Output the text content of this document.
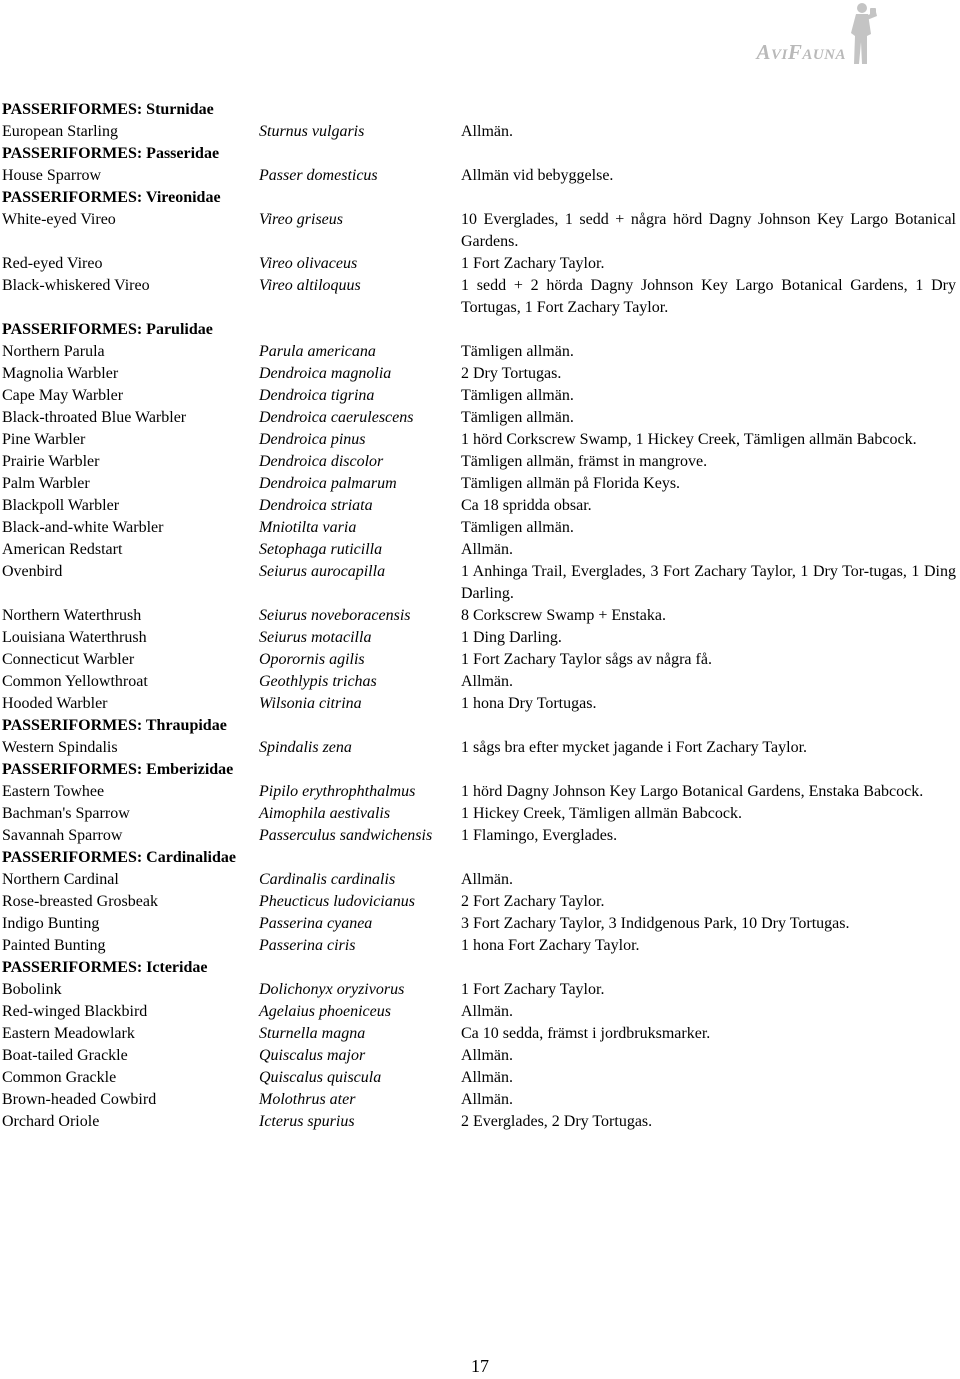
AviFauna
PASSERIFORMES: Sturnidae
European Starling	Sturnus vulgaris	Allmän.
PASSERIFORMES: Passeridae
House Sparrow	Passer domesticus	Allmän vid bebyggelse.
PASSERIFORMES: Vireonidae
White-eyed Vireo	Vireo griseus	10 Everglades, 1 sedd + några hörd Dagny Johnson Key Largo Botanical Gardens.
Red-eyed Vireo	Vireo olivaceus	1 Fort Zachary Taylor.
Black-whiskered Vireo	Vireo altiloquus	1 sedd + 2 hörda Dagny Johnson Key Largo Botanical Gardens, 1 Dry Tortugas, 1 Fort Zachary Taylor.
PASSERIFORMES: Parulidae
Northern Parula	Parula americana	Tämligen allmän.
Magnolia Warbler	Dendroica magnolia	2 Dry Tortugas.
Cape May Warbler	Dendroica tigrina	Tämligen allmän.
Black-throated Blue Warbler	Dendroica caerulescens	Tämligen allmän.
Pine Warbler	Dendroica pinus	1 hörd Corkscrew Swamp, 1 Hickey Creek, Tämligen allmän Babcock.
Prairie Warbler	Dendroica discolor	Tämligen allmän, främst in mangrove.
Palm Warbler	Dendroica palmarum	Tämligen allmän på Florida Keys.
Blackpoll Warbler	Dendroica striata	Ca 18 spridda obsar.
Black-and-white Warbler	Mniotilta varia	Tämligen allmän.
American Redstart	Setophaga ruticilla	Allmän.
Ovenbird	Seiurus aurocapilla	1 Anhinga Trail, Everglades, 3 Fort Zachary Taylor, 1 Dry Tor-tugas, 1 Ding Darling.
Northern Waterthrush	Seiurus noveboracensis	8 Corkscrew Swamp + Enstaka.
Louisiana Waterthrush	Seiurus motacilla	1 Ding Darling.
Connecticut Warbler	Oporornis agilis	1 Fort Zachary Taylor sågs av några få.
Common Yellowthroat	Geothlypis trichas	Allmän.
Hooded Warbler	Wilsonia citrina	1 hona Dry Tortugas.
PASSERIFORMES: Thraupidae
Western Spindalis	Spindalis zena	1 sågs bra efter mycket jagande i Fort Zachary Taylor.
PASSERIFORMES: Emberizidae
Eastern Towhee	Pipilo erythrophthalmus	1 hörd Dagny Johnson Key Largo Botanical Gardens, Enstaka Babcock.
Bachman's Sparrow	Aimophila aestivalis	1 Hickey Creek, Tämligen allmän Babcock.
Savannah Sparrow	Passerculus sandwichensis	1 Flamingo, Everglades.
PASSERIFORMES: Cardinalidae
Northern Cardinal	Cardinalis cardinalis	Allmän.
Rose-breasted Grosbeak	Pheucticus ludovicianus	2 Fort Zachary Taylor.
Indigo Bunting	Passerina cyanea	3 Fort Zachary Taylor, 3 Indidgenous Park, 10 Dry Tortugas.
Painted Bunting	Passerina ciris	1 hona Fort Zachary Taylor.
PASSERIFORMES: Icteridae
Bobolink	Dolichonyx oryzivorus	1 Fort Zachary Taylor.
Red-winged Blackbird	Agelaius phoeniceus	Allmän.
Eastern Meadowlark	Sturnella magna	Ca 10 sedda, främst i jordbruksmarker.
Boat-tailed Grackle	Quiscalus major	Allmän.
Common Grackle	Quiscalus quiscula	Allmän.
Brown-headed Cowbird	Molothrus ater	Allmän.
Orchard Oriole	Icterus spurius	2 Everglades, 2 Dry Tortugas.
17
